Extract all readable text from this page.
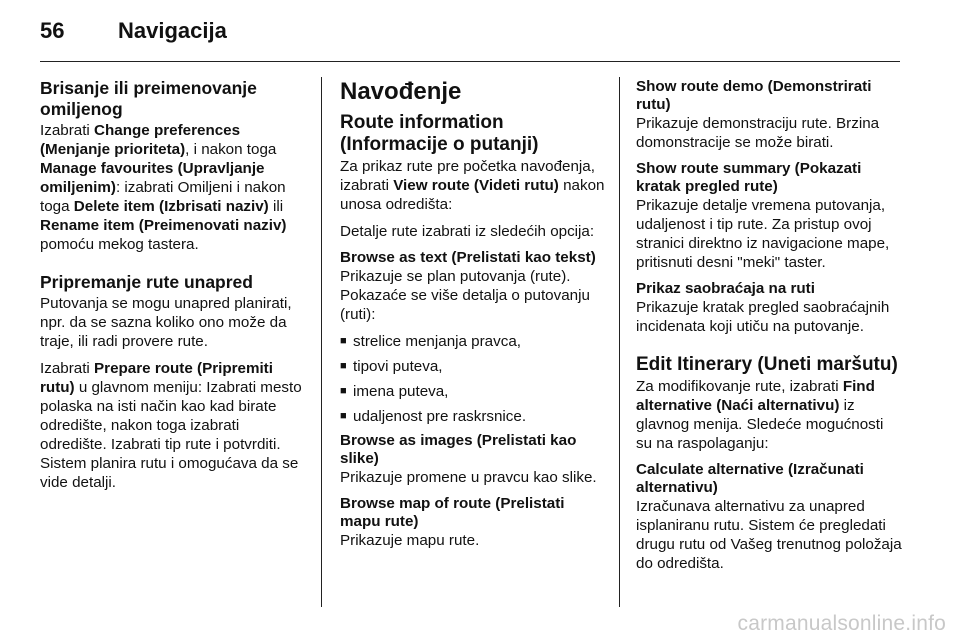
56	Navigacija
Brisanje ili preimenovanje omiljenog
Izabrati Change preferences (Menjanje prioriteta), i nakon toga Manage favourites (Upravljanje omiljenim): izabrati Omiljeni i nakon toga Delete item (Izbrisati naziv) ili Rename item (Preimenovati naziv) pomoću mekog tastera.
Pripremanje rute unapred
Putovanja se mogu unapred planirati, npr. da se sazna koliko ono može da traje, ili radi provere rute.
Izabrati Prepare route (Pripremiti rutu) u glavnom meniju: Izabrati mesto polaska na isti način kao kad birate odredište, nakon toga izabrati odredište. Izabrati tip rute i potvrditi. Sistem planira rutu i omogućava da se vide detalji.
Navođenje
Route information (Informacije o putanji)
Za prikaz rute pre početka navođenja, izabrati View route (Videti rutu) nakon unosa odredišta:
Detalje rute izabrati iz sledećih opcija:
Browse as text (Prelistati kao tekst)
Prikazuje se plan putovanja (rute). Pokazaće se više detalja o putovanju (ruti):
■ strelice menjanja pravca,
■ tipovi puteva,
■ imena puteva,
■ udaljenost pre raskrsnice.
Browse as images (Prelistati kao slike)
Prikazuje promene u pravcu kao slike.
Browse map of route (Prelistati mapu rute)
Prikazuje mapu rute.
Show route demo (Demonstrirati rutu)
Prikazuje demonstraciju rute. Brzina domonstracije se može birati.
Show route summary (Pokazati kratak pregled rute)
Prikazuje detalje vremena putovanja, udaljenost i tip rute. Za pristup ovoj stranici direktno iz navigacione mape, pritisnuti desni "meki" taster.
Prikaz saobraćaja na ruti
Prikazuje kratak pregled saobraćajnih incidenata koji utiču na putovanje.
Edit Itinerary (Uneti maršutu)
Za modifikovanje rute, izabrati Find alternative (Naći alternativu) iz glavnog menija. Sledeće mogućnosti su na raspolaganju:
Calculate alternative (Izračunati alternativu)
Izračunava alternativu za unapred isplaniranu rutu. Sistem će pregledati drugu rutu od Vašeg trenutnog položaja do odredišta.
carmanualsonline.info
